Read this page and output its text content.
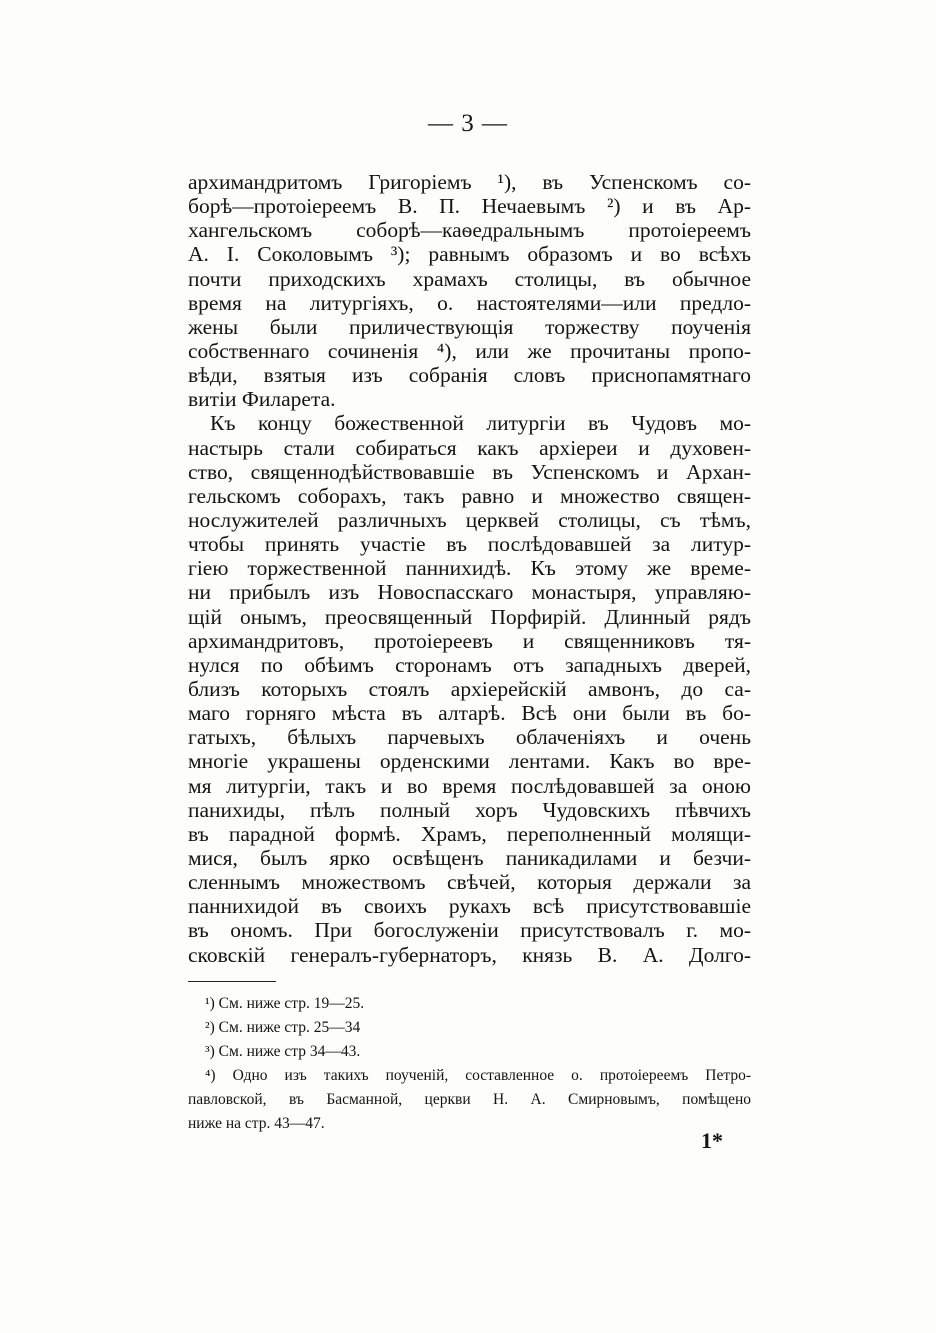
— 3 —
архимандритомъ Григоріемъ ¹), въ Успенскомъ со-
борѣ—протоіереемъ В. П. Нечаевымъ ²) и въ Ар-
хангельскомъ соборѣ—каѳедральнымъ протоіереемъ
А. І. Соколовымъ ³); равнымъ образомъ и во всѣхъ
почти приходскихъ храмахъ столицы, въ обычное
время на литургіяхъ, о. настоятелями—или предло-
жены были приличествующія торжеству поученія
собственнаго сочиненія ⁴), или же прочитаны пропо-
вѣди, взятыя изъ собранія словъ приснопамятнаго
витіи Филарета.
Къ концу божественной литургіи въ Чудовъ мо-
настырь стали собираться какъ архіереи и духовен-
ство, священнодѣйствовавшіе въ Успенскомъ и Архан-
гельскомъ соборахъ, такъ равно и множество священ-
нослужителей различныхъ церквей столицы, съ тѣмъ,
чтобы принять участіе въ послѣдовавшей за литур-
гіею торжественной паннихидѣ. Къ этому же време-
ни прибылъ изъ Новоспасскаго монастыря, управляю-
щій онымъ, преосвященный Порфирій. Длинный рядъ
архимандритовъ, протоіереевъ и священниковъ тя-
нулся по обѣимъ сторонамъ отъ западныхъ дверей,
близъ которыхъ стоялъ архіерейскій амвонъ, до са-
маго горняго мѣста въ алтарѣ. Всѣ они были въ бо-
гатыхъ, бѣлыхъ парчевыхъ облаченіяхъ и очень
многіе украшены орденскими лентами. Какъ во вре-
мя литургіи, такъ и во время послѣдовавшей за оною
панихиды, пѣлъ полный хоръ Чудовскихъ пѣвчихъ
въ парадной формѣ. Храмъ, переполненный молящи-
мися, былъ ярко освѣщенъ паникадилами и безчи-
сленнымъ множествомъ свѣчей, которыя держали за
паннихидой въ своихъ рукахъ всѣ присутствовавшіе
въ ономъ. При богослуженіи присутствовалъ г. мо-
сковскій генералъ-губернаторъ, князь В. А. Долго-
¹) См. ниже стр. 19—25.
²) См. ниже стр. 25—34
³) См. ниже стр 34—43.
⁴) Одно изъ такихъ поученій, составленное о. протоіереемъ Петро-
павловской, въ Басманной, церкви Н. А. Смирновымъ, помѣщено
ниже на стр. 43—47.
1*
